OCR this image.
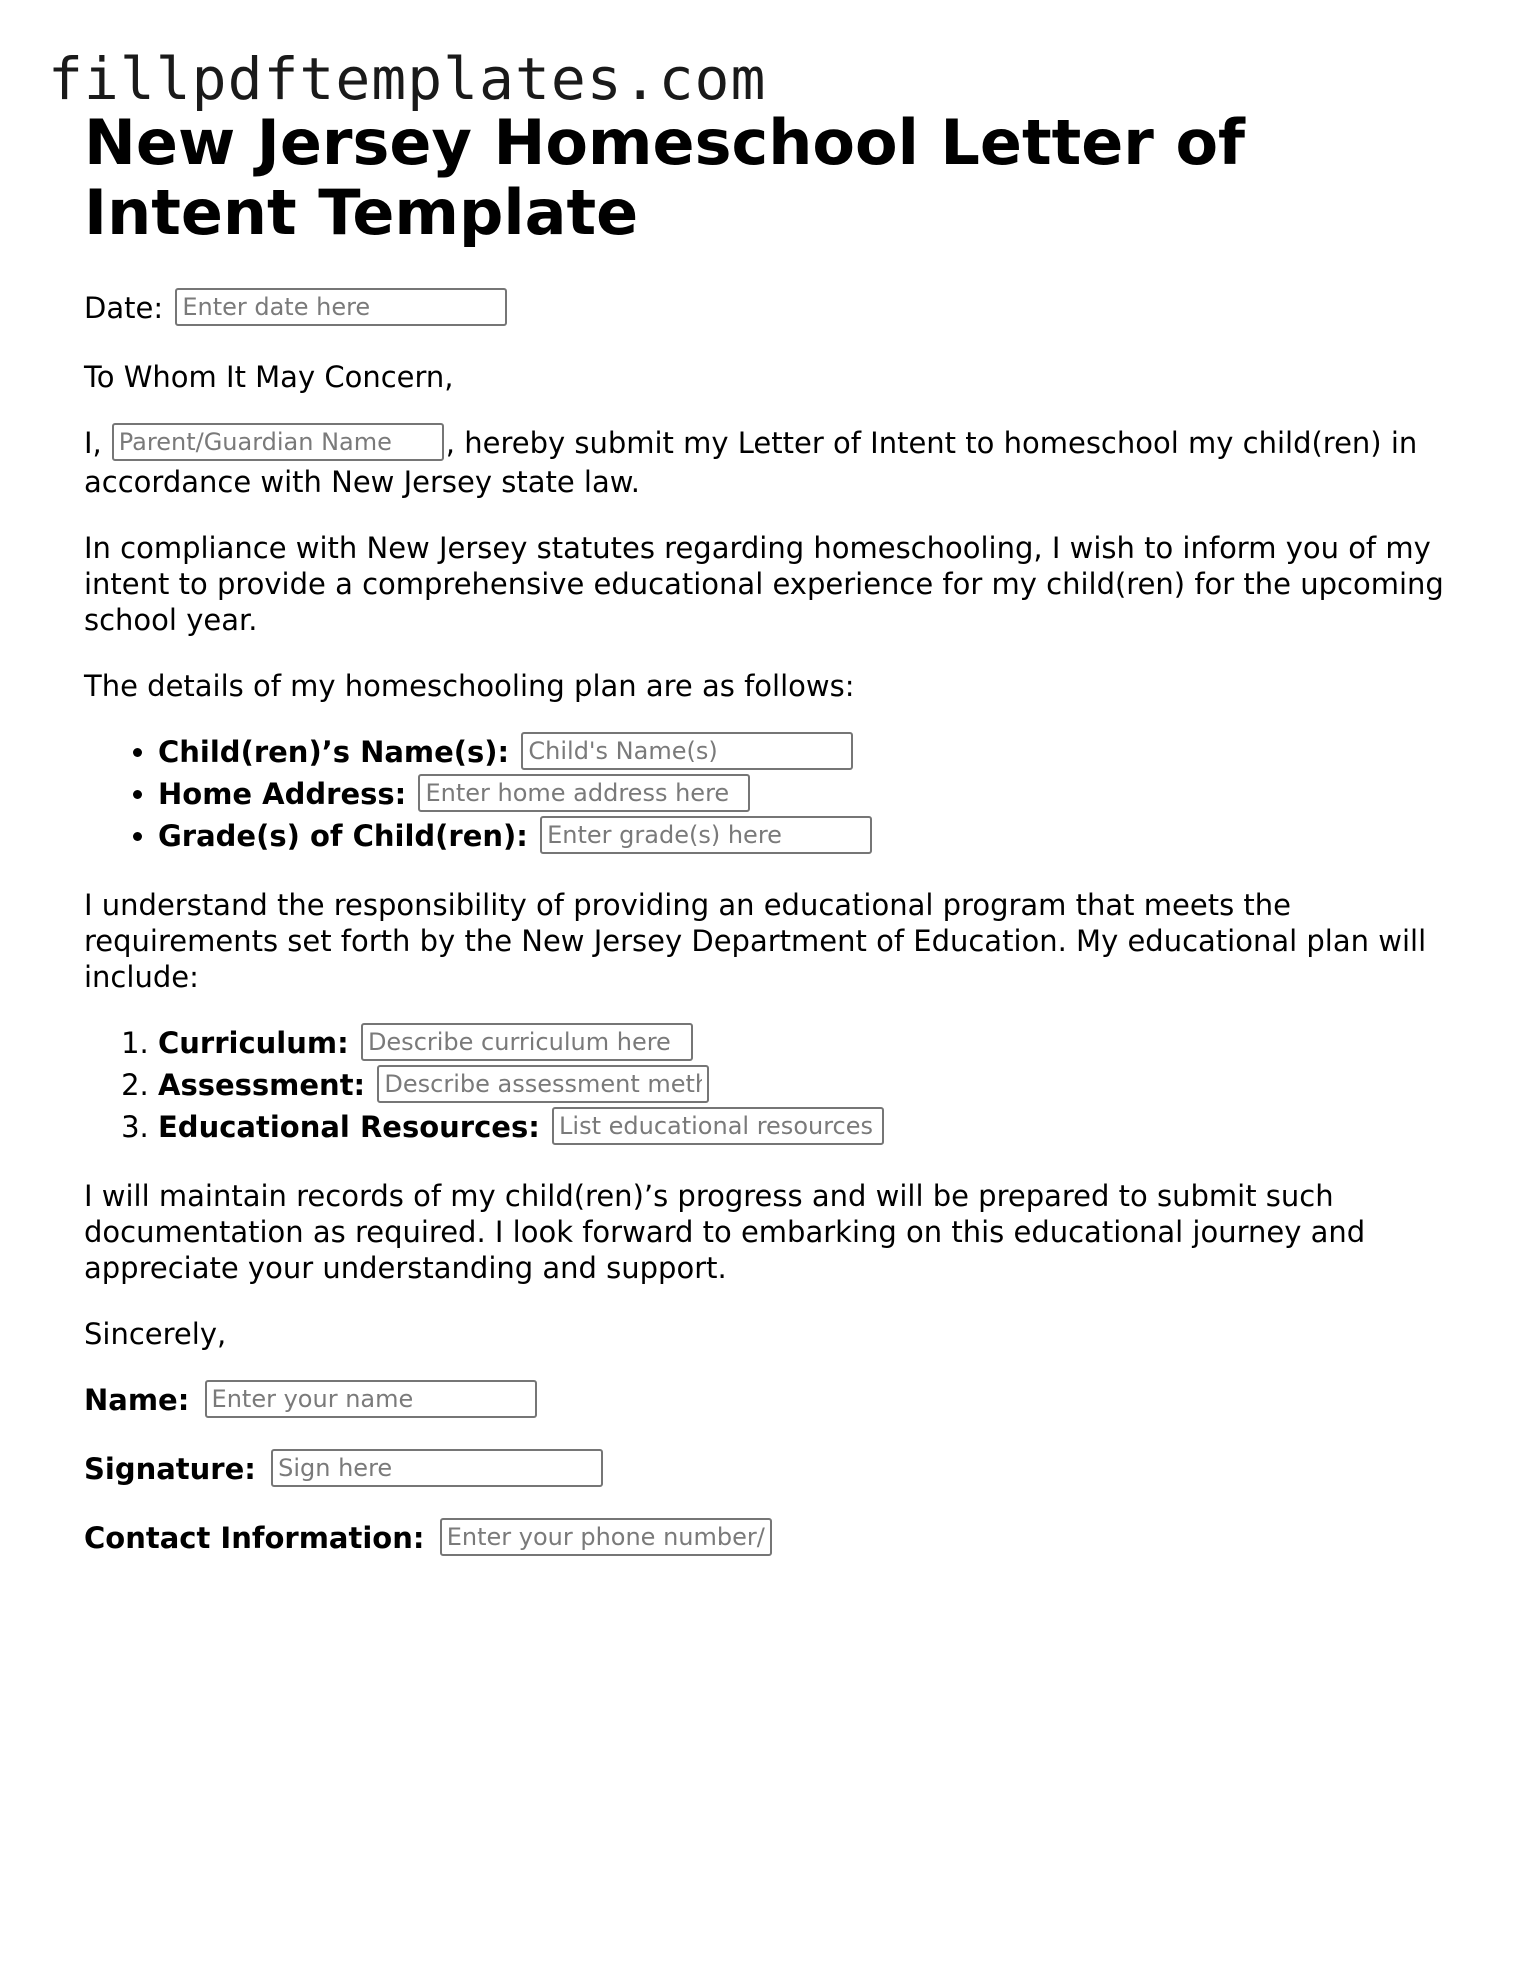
fillpdftemplates.com
New Jersey Homeschool Letter of Intent Template

Date: Enter date here

To Whom It May Concern,

I,Parent/Guardian Name	, hereby submit my Letter of Intent to homeschool my child(ren) in accordance with New Jersey state law.

In compliance with New Jersey statutes regarding homeschooling, I wish to inform you of my intent to provide a comprehensive educational experience for my child(ren) for the upcoming school year.

The details of my homeschooling plan are as follows:

• Child(ren)’s Name(s): Child's Name(s)
• Home Address: Enter home address here
• Grade(s) of Child(ren): Enter grade(s) here

I understand the responsibility of providing an educational program that meets the requirements set forth by the New Jersey Department of Education. My educational plan will include:

1. Curriculum: Describe curriculum here
2. Assessment: Describe assessment methods here
3. Educational Resources: List educational resources

I will maintain records of my child(ren)’s progress and will be prepared to submit such documentation as required. I look forward to embarking on this educational journey and appreciate your understanding and support.

Sincerely,

Name: Enter your name

Signature: Sign here

Contact Information: Enter your phone number/email
